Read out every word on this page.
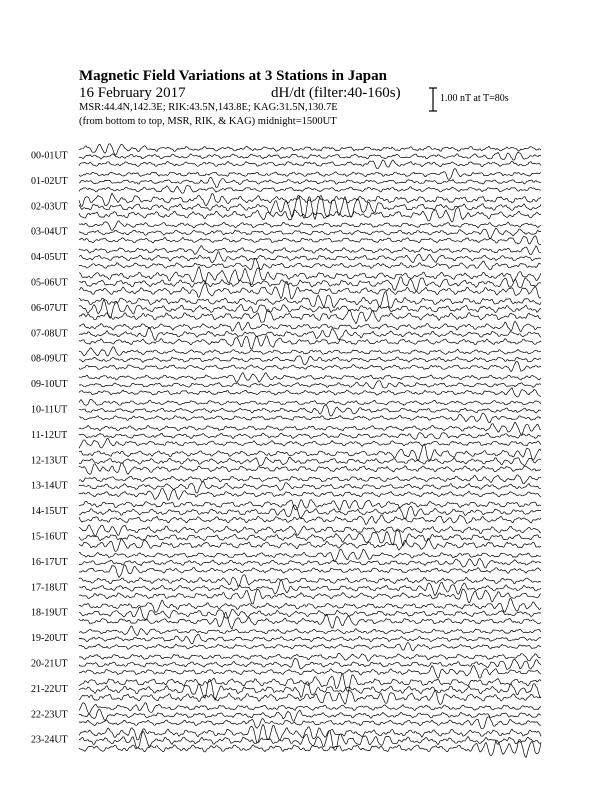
Magnetic Field Variations at 3 Stations in Japan
16 February 2017	dH/dt (filter:40-160s)
MSR:44.4N,142.3E; RIK:43.5N,143.8E; KAG:31.5N,130.7E
(from bottom to top, MSR, RIK, & KAG) midnight=1500UT
1.00 nT at T=80s
00-01UT
01-02UT
02-03UT
03-04UT
04-05UT
05-06UT
06-07UT
07-08UT
08-09UT
09-10UT
10-11UT
11-12UT
12-13UT
13-14UT
14-15UT
15-16UT
16-17UT
17-18UT
18-19UT
19-20UT
20-21UT
21-22UT
22-23UT
23-24UT
